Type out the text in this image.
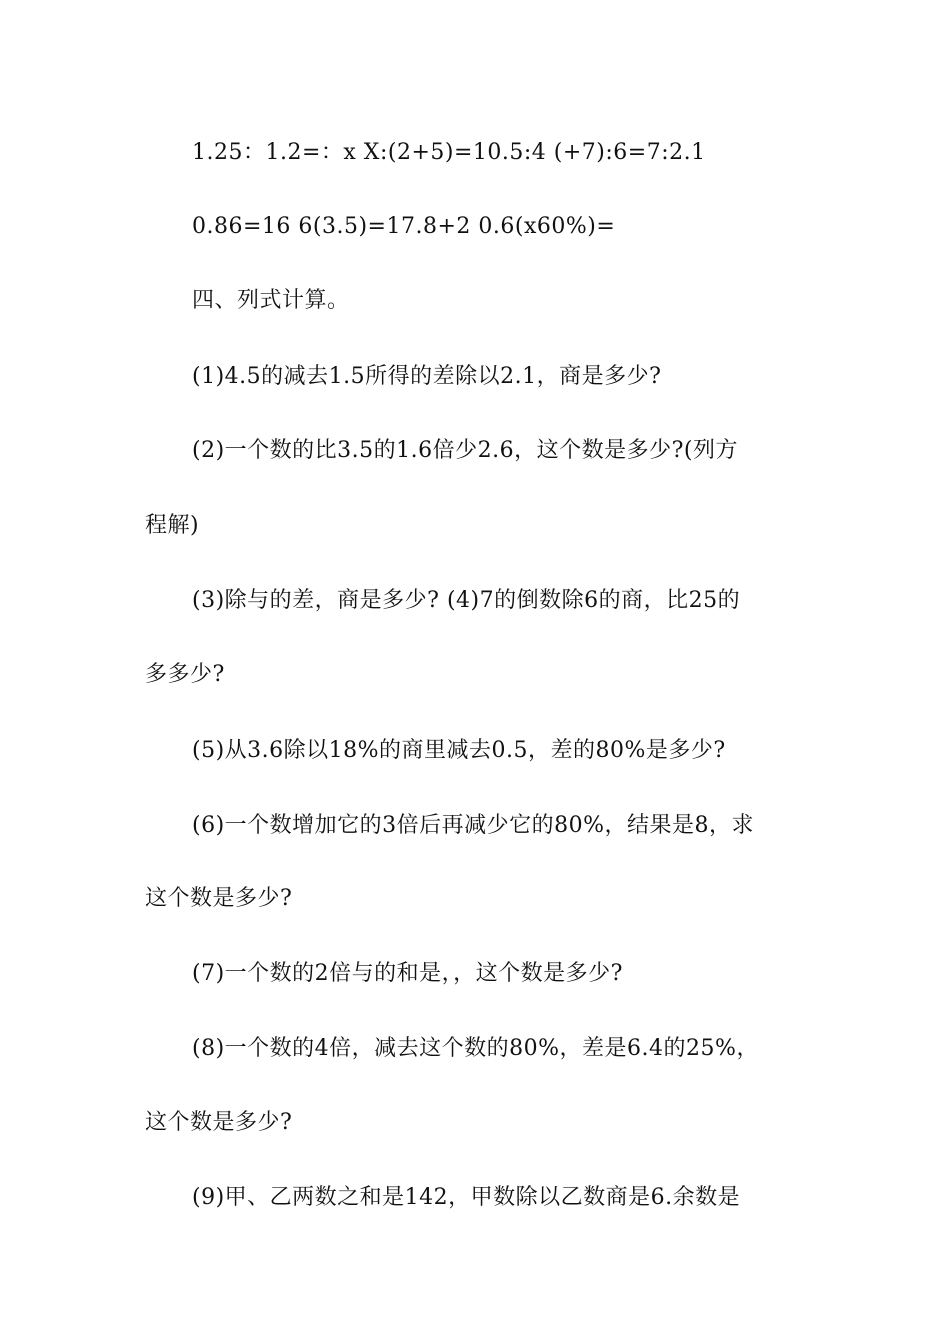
1.25：1.2=：x X:(2+5)=10.5:4 (+7):6=7:2.1
0.86=16 6(3.5)=17.8+2 0.6(x60%)=
四、列式计算。
(1)4.5的减去1.5所得的差除以2.1，商是多少?
(2)一个数的比3.5的1.6倍少2.6，这个数是多少?(列方
程解)
(3)除与的差，商是多少? (4)7的倒数除6的商，比25的
多多少?
(5)从3.6除以18%的商里减去0.5，差的80%是多少?
(6)一个数增加它的3倍后再减少它的80%，结果是8，求
这个数是多少?
(7)一个数的2倍与的和是，，这个数是多少?
(8)一个数的4倍，减去这个数的80%，差是6.4的25%，
这个数是多少?
(9)甲、乙两数之和是142，甲数除以乙数商是6.余数是
